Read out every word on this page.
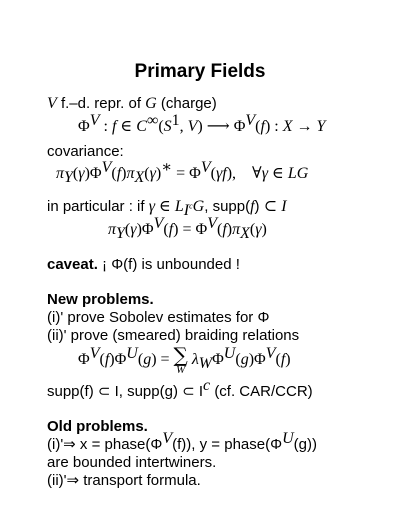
Primary Fields
V f.–d. repr. of G (charge)
$\Phi^V$ : f ∈ $C^\infty(S^1$, V) ⟶ $\Phi^V(f)$ : X → Y
covariance:
$\pi_Y(\gamma)\Phi^V(f)\pi_X(\gamma)^∗ = \Phi^V(\gamma f)$,    ∀γ ∈ LG
in particular : if γ ∈ $L_{I^c}G$, supp(f) ⊂ I
$\pi_Y(\gamma)\Phi^V(f) = \Phi^V(f)\pi_X(\gamma)$
caveat. ¡ Φ(f) is unbounded !
New problems.
(i)' prove Sobolev estimates for Φ
(ii)' prove (smeared) braiding relations
$\Phi^V(f)\Phi^U(g)$ = ∑
W
$\lambda_W\Phi^U(g)\Phi^V(f)$
supp(f) ⊂ I, supp(g) ⊂ $I^c$ (cf. CAR/CCR)
Old problems.
(i)'⇒ $x = phase(\Phi^V(f))$, $y = phase(\Phi^U(g))$
are bounded intertwiners.
(ii)'⇒ transport formula.
